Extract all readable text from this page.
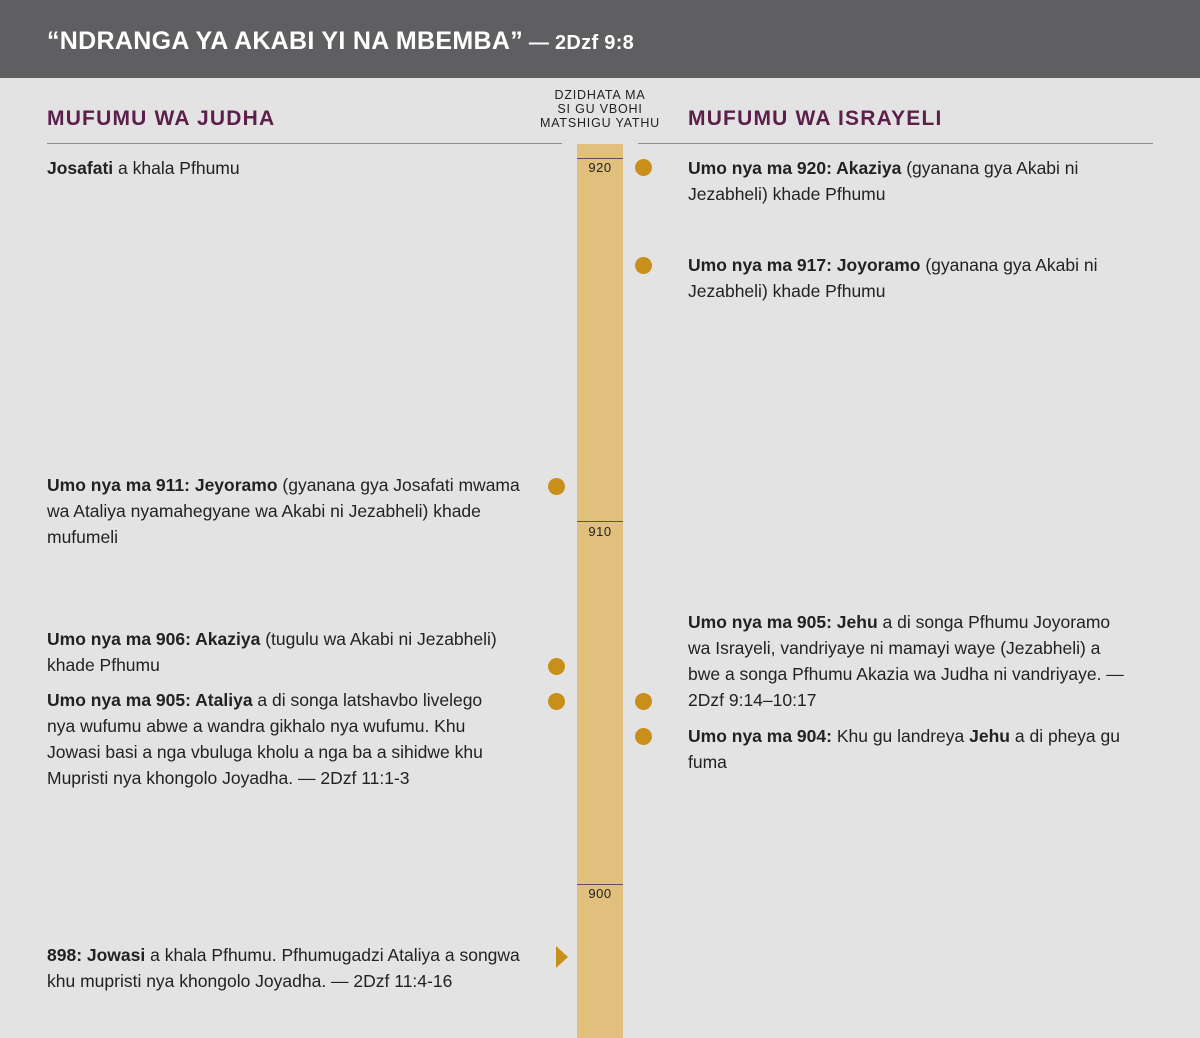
“NDRANGA YA AKABI YI NA MBEMBA” — 2Dzf 9:8
MUFUMU WA JUDHA
DZIDHATA MA
SI GU VBOHI
MATSHIGU YATHU MUFUMU WA ISRAYELI
920
910
900
Josafati a khala Pfhumu
Umo nya ma 911: Jeyoramo (gyanana gya Josafati mwama wa Ataliya nyamahegyane wa Akabi ni Jezabheli) khade mufumeli
Umo nya ma 906: Akaziya (tugulu wa Akabi ni Jezabheli) khade Pfhumu
Umo nya ma 905: Ataliya a di songa latshavbo livelego nya wufumu abwe a wandra gikhalo nya wufumu. Khu Jowasi basi a nga vbuluga kholu a nga ba a sihidwe khu Mupristi nya khongolo Joyadha. — 2Dzf 11:1-3
898: Jowasi a khala Pfhumu. Pfhumugadzi Ataliya a songwa khu mupristi nya khongolo Joyadha. — 2Dzf 11:4-16
Umo nya ma 920: Akaziya (gyanana gya Akabi ni Jezabheli) khade Pfhumu
Umo nya ma 917: Joyoramo (gyanana gya Akabi ni Jezabheli) khade Pfhumu
Umo nya ma 905: Jehu a di songa Pfhumu Joyoramo wa Israyeli, vandriyaye ni mamayi waye (Jezabheli) a bwe a songa Pfhumu Akazia wa Judha ni vandriyaye. — 2Dzf 9:14–10:17
Umo nya ma 904: Khu gu landreya Jehu a di pheya gu fuma
